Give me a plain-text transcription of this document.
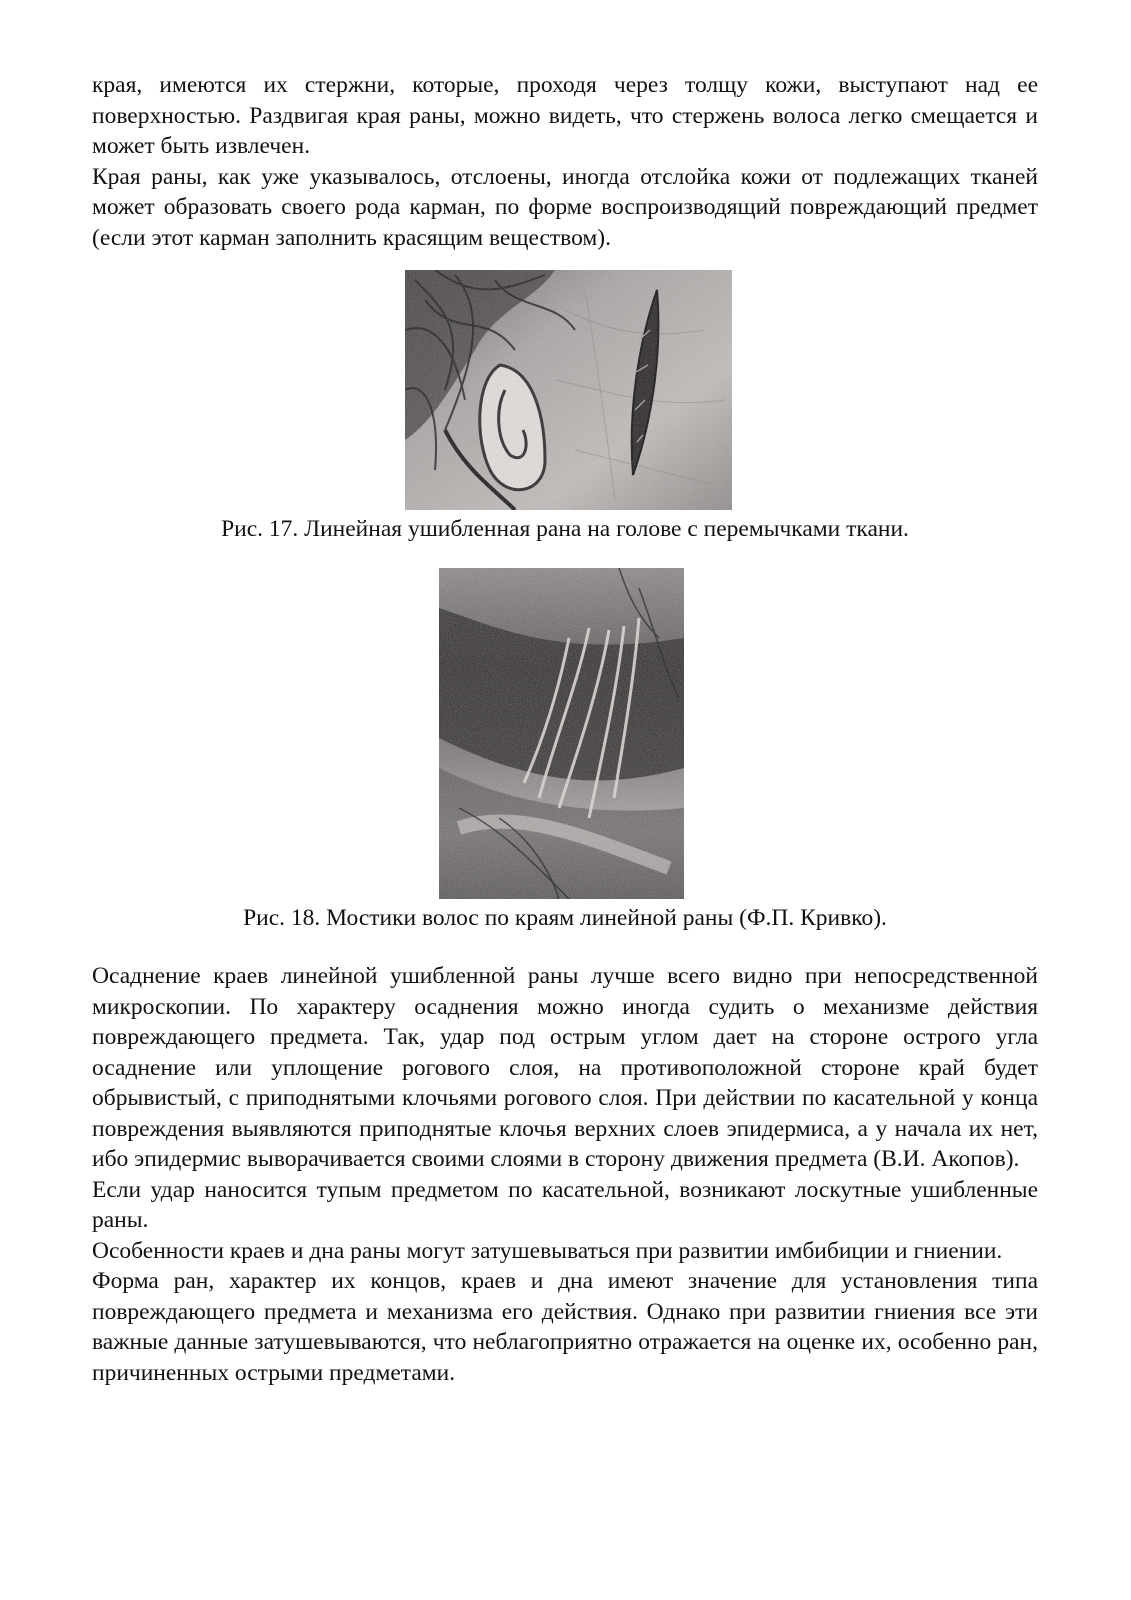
края, имеются их стержни, которые, проходя через толщу кожи, выступают над ее поверхностью. Раздвигая края раны, можно видеть, что стержень волоса легко смещается и может быть извлечен.

Края раны, как уже указывалось, отслоены, иногда отслойка кожи от подлежащих тканей может образовать своего рода карман, по форме воспроизводящий повреждающий предмет (если этот карман заполнить красящим веществом).

Рис. 17. Линейная ушибленная рана на голове с перемычками ткани.

Рис. 18. Мостики волос по краям линейной раны (Ф.П. Кривко).

Осаднение краев линейной ушибленной раны лучше всего видно при непосредственной микроскопии. По характеру осаднения можно иногда судить о механизме действия повреждающего предмета. Так, удар под острым углом дает на стороне острого угла осаднение или уплощение рогового слоя, на противоположной стороне край будет обрывистый, с приподнятыми клочьями рогового слоя. При действии по касательной у конца повреждения выявляются приподнятые клочья верхних слоев эпидермиса, а у начала их нет, ибо эпидермис выворачивается своими слоями в сторону движения предмета (В.И. Акопов).

Если удар наносится тупым предметом по касательной, возникают лоскутные ушибленные раны.

Особенности краев и дна раны могут затушевываться при развитии имбибиции и гниении.

Форма ран, характер их концов, краев и дна имеют значение для установления типа повреждающего предмета и механизма его действия. Однако при развитии гниения все эти важные данные затушевываются, что неблагоприятно отражается на оценке их, особенно ран, причиненных острыми предметами.
